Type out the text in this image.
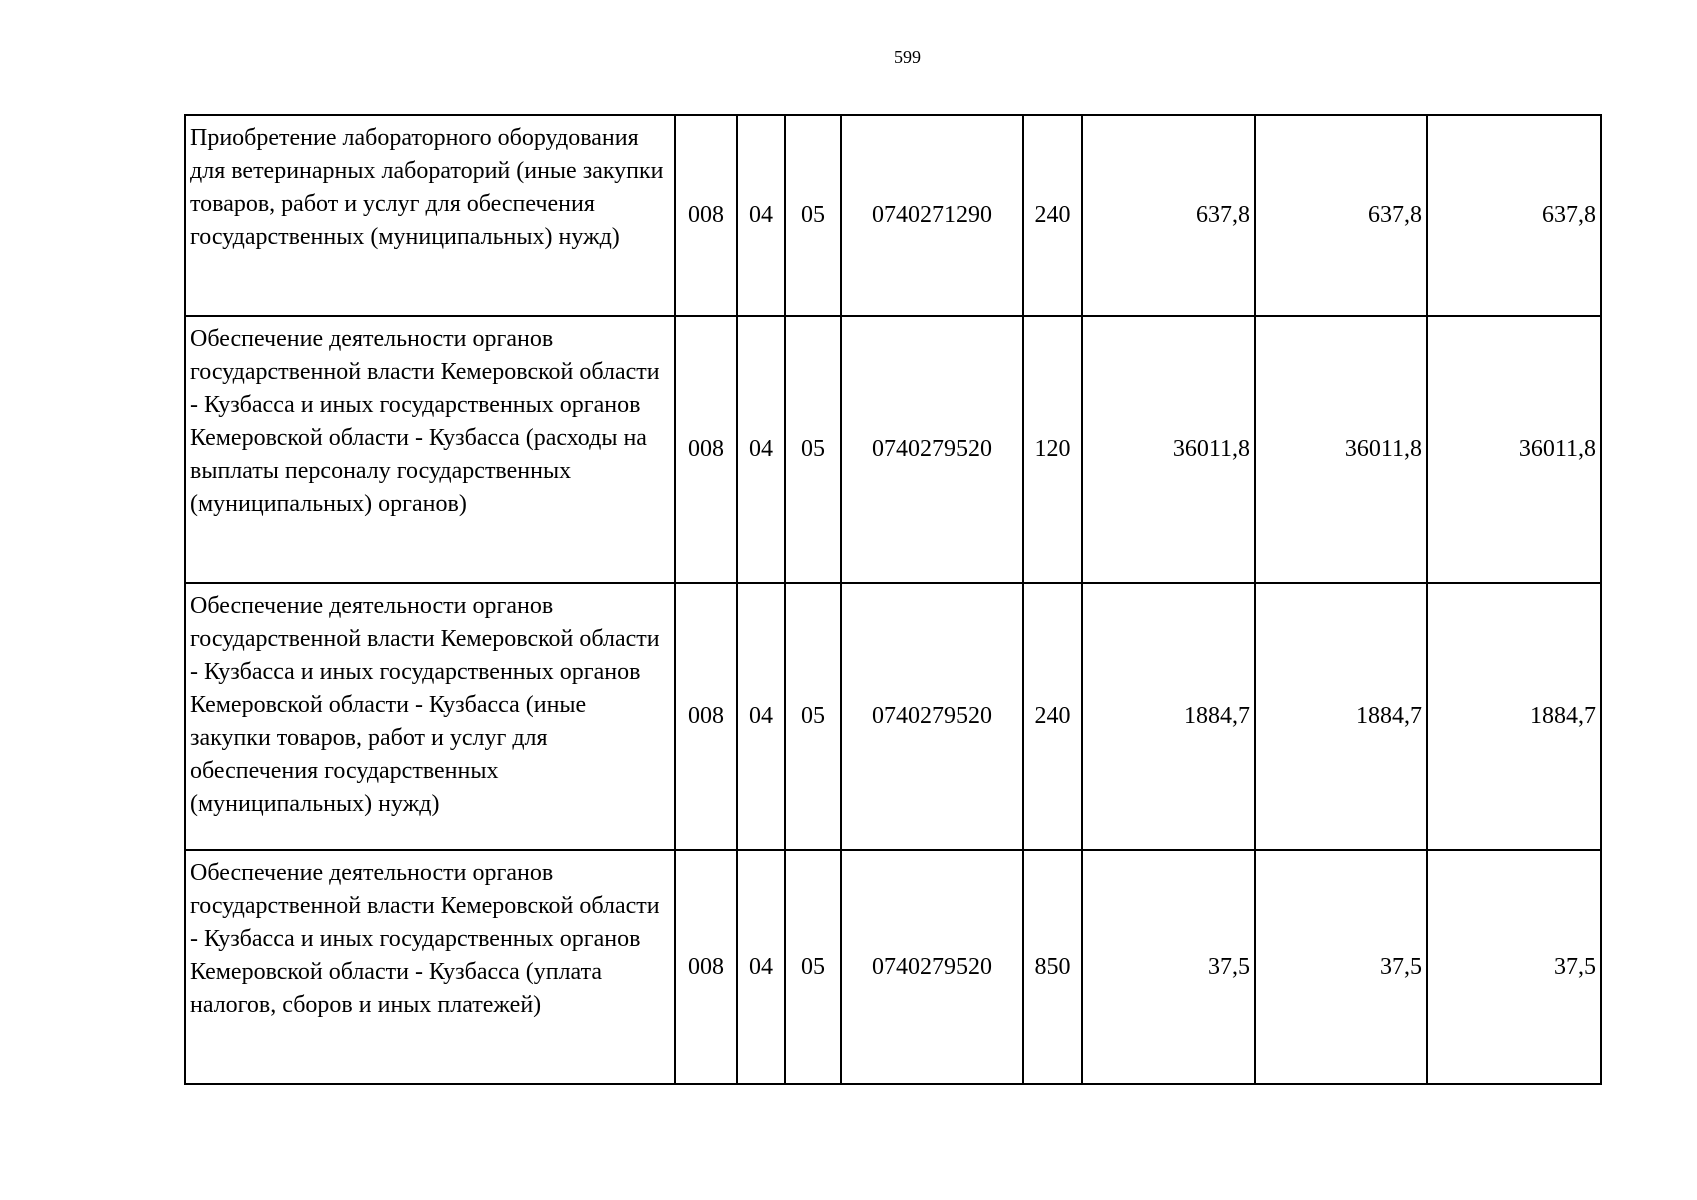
599
Приобретение лабораторного оборудования для ветеринарных лабораторий (иные закупки товаров, работ и услуг для обеспечения государственных (муниципальных) нужд)	008	04	05	0740271290	240	637,8	637,8	637,8
Обеспечение деятельности органов государственной власти Кемеровской области - Кузбасса и иных государственных органов Кемеровской области - Кузбасса (расходы на выплаты персоналу государственных (муниципальных) органов)	008	04	05	0740279520	120	36011,8	36011,8	36011,8
Обеспечение деятельности органов государственной власти Кемеровской области - Кузбасса и иных государственных органов Кемеровской области - Кузбасса (иные закупки товаров, работ и услуг для обеспечения государственных (муниципальных) нужд)	008	04	05	0740279520	240	1884,7	1884,7	1884,7
Обеспечение деятельности органов государственной власти Кемеровской области - Кузбасса и иных государственных органов Кемеровской области - Кузбасса (уплата налогов, сборов и иных платежей)	008	04	05	0740279520	850	37,5	37,5	37,5
